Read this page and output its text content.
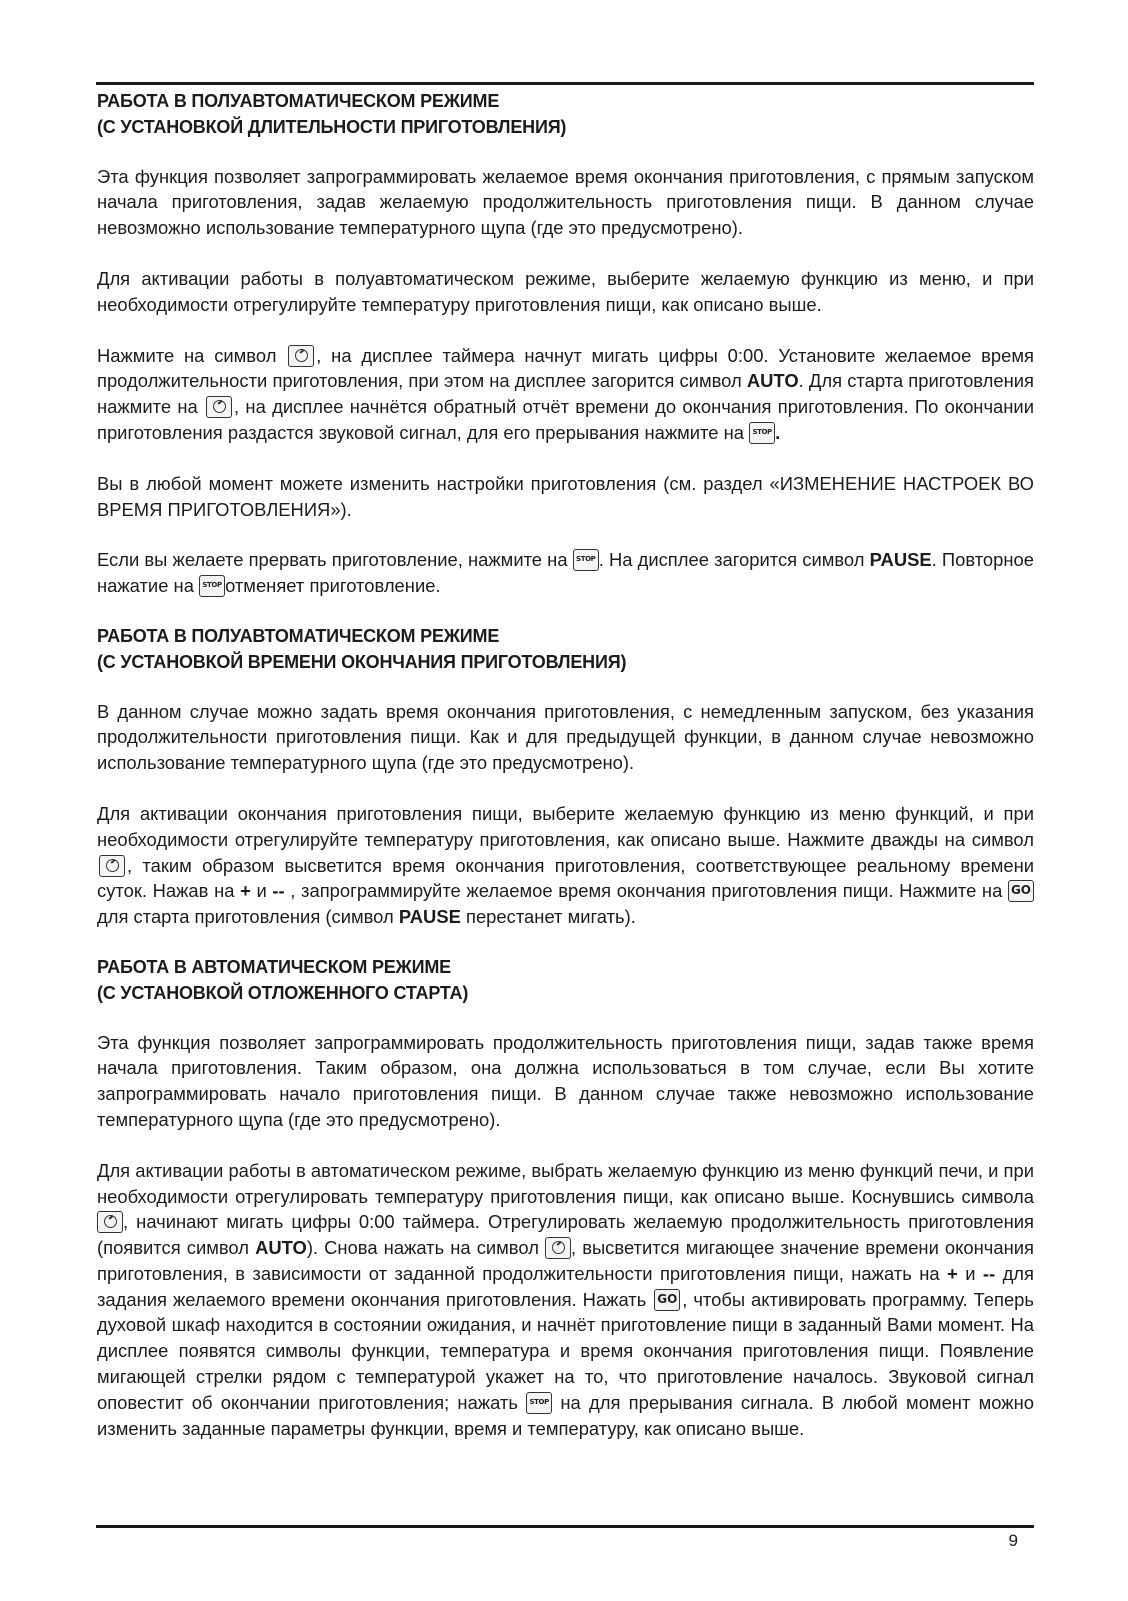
РАБОТА В ПОЛУАВТОМАТИЧЕСКОМ РЕЖИМЕ
(С УСТАНОВКОЙ ДЛИТЕЛЬНОСТИ ПРИГОТОВЛЕНИЯ)

Эта функция позволяет запрограммировать желаемое время окончания приготовления, с прямым запуском начала приготовления, задав желаемую продолжительность приготовления пищи. В данном случае невозможно использование температурного щупа (где это предусмотрено).

Для активации работы в полуавтоматическом режиме, выберите желаемую функцию из меню, и при необходимости отрегулируйте температуру приготовления пищи, как описано выше.

Нажмите на символ , на дисплее таймера начнут мигать цифры 0:00. Установите желаемое время продолжительности приготовления, при этом на дисплее загорится символ AUTO. Для старта приготовления нажмите на , на дисплее начнётся обратный отчёт времени до окончания приготовления. По окончании приготовления раздастся звуковой сигнал, для его прерывания нажмите на	STOP .

Вы в любой момент можете изменить настройки приготовления (см. раздел «ИЗМЕНЕНИЕ НАСТРОЕК ВО ВРЕМЯ ПРИГОТОВЛЕНИЯ»).

Если вы желаете прервать приготовление, нажмите на	STOP . На дисплее загорится символ PAUSE. Повторное нажатие на	STOP отменяет приготовление.

РАБОТА В ПОЛУАВТОМАТИЧЕСКОМ РЕЖИМЕ
(С УСТАНОВКОЙ ВРЕМЕНИ ОКОНЧАНИЯ ПРИГОТОВЛЕНИЯ)

В данном случае можно задать время окончания приготовления, с немедленным запуском, без указания продолжительности приготовления пищи. Как и для предыдущей функции, в данном случае невозможно использование температурного щупа (где это предусмотрено).

Для активации окончания приготовления пищи, выберите желаемую функцию из меню функций, и при необходимости отрегулируйте температуру приготовления, как описано выше. Нажмите дважды на символ , таким образом высветится время окончания приготовления, соответствующее реальному времени суток. Нажав на + и -- , запрограммируйте желаемое время окончания приготовления пищи. Нажмите на GO
для старта приготовления (символ PAUSE перестанет мигать).

РАБОТА В АВТОМАТИЧЕСКОМ РЕЖИМЕ
(С УСТАНОВКОЙ ОТЛОЖЕННОГО СТАРТА)

Эта функция позволяет запрограммировать продолжительность приготовления пищи, задав также время начала приготовления. Таким образом, она должна использоваться в том случае, если Вы хотите запрограммировать начало приготовления пищи. В данном случае также невозможно использование температурного щупа (где это предусмотрено).

Для активации работы в автоматическом режиме, выбрать желаемую функцию из меню функций печи, и при необходимости отрегулировать температуру приготовления пищи, как описано выше. Коснувшись символа , начинают мигать цифры 0:00 таймера. Отрегулировать желаемую продолжительность приготовления (появится символ AUTO). Снова нажать на символ , высветится мигающее значение времени окончания приготовления, в зависимости от заданной продолжительности приготовления пищи, нажать на + и -- для задания желаемого времени окончания приготовления. Нажать GO , чтобы активировать программу. Теперь духовой шкаф находится в состоянии ожидания, и начнёт приготовление пищи в заданный Вами момент. На дисплее появятся символы функции, температура и время окончания приготовления пищи. Появление мигающей стрелки рядом с температурой укажет на то, что приготовление началось. Звуковой сигнал оповестит об окончании приготовления; нажать	STOP на для прерывания сигнала. В любой момент можно изменить заданные параметры функции, время и температуру, как описано выше.

9
